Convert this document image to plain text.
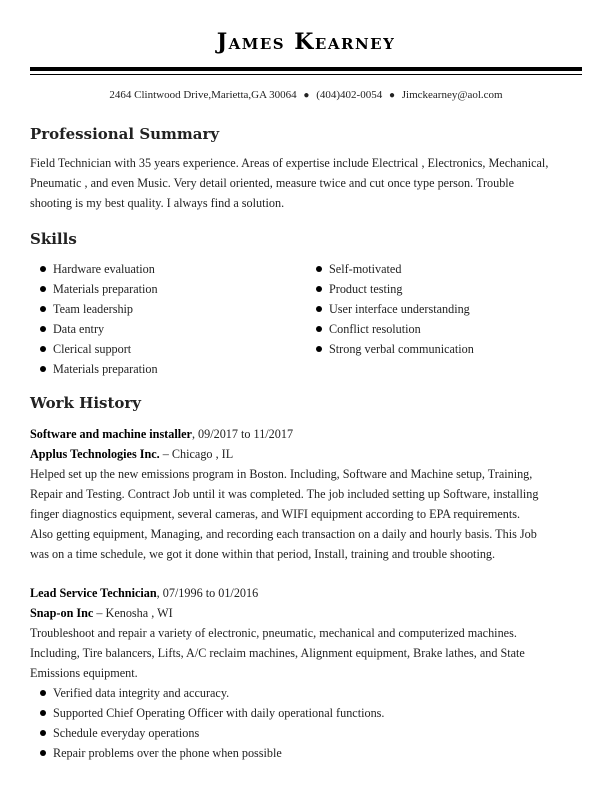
James Kearney
2464 Clintwood Drive,Marietta,GA 30064 ● (404)402-0054 ● Jimckearney@aol.com
Professional Summary
Field Technician with 35 years experience. Areas of expertise include Electrical , Electronics, Mechanical,
Pneumatic , and even Music. Very detail oriented, measure twice and cut once type person. Trouble
shooting is my best quality. I always find a solution.
Skills
Hardware evaluation
Materials preparation
Team leadership
Data entry
Clerical support
Materials preparation
Self-motivated
Product testing
User interface understanding
Conflict resolution
Strong verbal communication
Work History
Software and machine installer, 09/2017 to 11/2017
Applus Technologies Inc. – Chicago , IL
Helped set up the new emissions program in Boston. Including, Software and Machine setup, Training,
Repair and Testing. Contract Job until it was completed. The job included setting up Software, installing
finger diagnostics equipment, several cameras, and WIFI equipment according to EPA requirements.
Also getting equipment, Managing, and recording each transaction on a daily and hourly basis. This Job
was on a time schedule, we got it done within that period, Install, training and trouble shooting.
Lead Service Technician, 07/1996 to 01/2016
Snap-on Inc – Kenosha , WI
Troubleshoot and repair a variety of electronic, pneumatic, mechanical and computerized machines.
Including, Tire balancers, Lifts, A/C reclaim machines, Alignment equipment, Brake lathes, and State
Emissions equipment.
Verified data integrity and accuracy.
Supported Chief Operating Officer with daily operational functions.
Schedule everyday operations
Repair problems over the phone when possible
